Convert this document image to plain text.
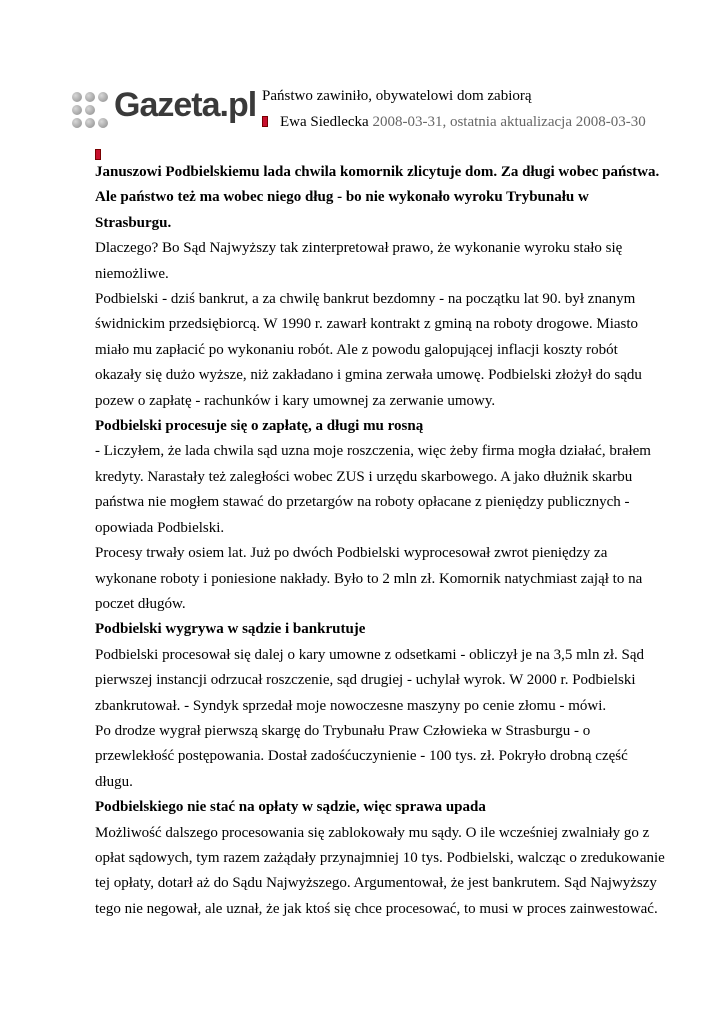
Gazeta.pl Państwo zawiniło, obywatelowi dom zabiorą
Ewa Siedlecka 2008-03-31, ostatnia aktualizacja 2008-03-30

Januszowi Podbielskiemu lada chwila komornik zlicytuje dom. Za długi wobec państwa. Ale państwo też ma wobec niego dług - bo nie wykonało wyroku Trybunału w Strasburgu.

Dlaczego? Bo Sąd Najwyższy tak zinterpretował prawo, że wykonanie wyroku stało się niemożliwe.

Podbielski - dziś bankrut, a za chwilę bankrut bezdomny - na początku lat 90. był znanym świdnickim przedsiębiorcą. W 1990 r. zawarł kontrakt z gminą na roboty drogowe. Miasto miało mu zapłacić po wykonaniu robót. Ale z powodu galopującej inflacji koszty robót okazały się dużo wyższe, niż zakładano i gmina zerwała umowę. Podbielski złożył do sądu pozew o zapłatę - rachunków i kary umownej za zerwanie umowy.

Podbielski procesuje się o zapłatę, a długi mu rosną

- Liczyłem, że lada chwila sąd uzna moje roszczenia, więc żeby firma mogła działać, brałem kredyty. Narastały też zaległości wobec ZUS i urzędu skarbowego. A jako dłużnik skarbu państwa nie mogłem stawać do przetargów na roboty opłacane z pieniędzy publicznych - opowiada Podbielski.

Procesy trwały osiem lat. Już po dwóch Podbielski wyprocesował zwrot pieniędzy za wykonane roboty i poniesione nakłady. Było to 2 mln zł. Komornik natychmiast zajął to na poczet długów.

Podbielski wygrywa w sądzie i bankrutuje

Podbielski procesował się dalej o kary umowne z odsetkami - obliczył je na 3,5 mln zł. Sąd pierwszej instancji odrzucał roszczenie, sąd drugiej - uchylał wyrok. W 2000 r. Podbielski zbankrutował. - Syndyk sprzedał moje nowoczesne maszyny po cenie złomu - mówi.

Po drodze wygrał pierwszą skargę do Trybunału Praw Człowieka w Strasburgu - o przewlekłość postępowania. Dostał zadośćuczynienie - 100 tys. zł. Pokryło drobną część długu.

Podbielskiego nie stać na opłaty w sądzie, więc sprawa upada

Możliwość dalszego procesowania się zablokowały mu sądy. O ile wcześniej zwalniały go z opłat sądowych, tym razem zażądały przynajmniej 10 tys. Podbielski, walcząc o zredukowanie tej opłaty, dotarł aż do Sądu Najwyższego. Argumentował, że jest bankrutem. Sąd Najwyższy tego nie negował, ale uznał, że jak ktoś się chce procesować, to musi w proces zainwestować.
